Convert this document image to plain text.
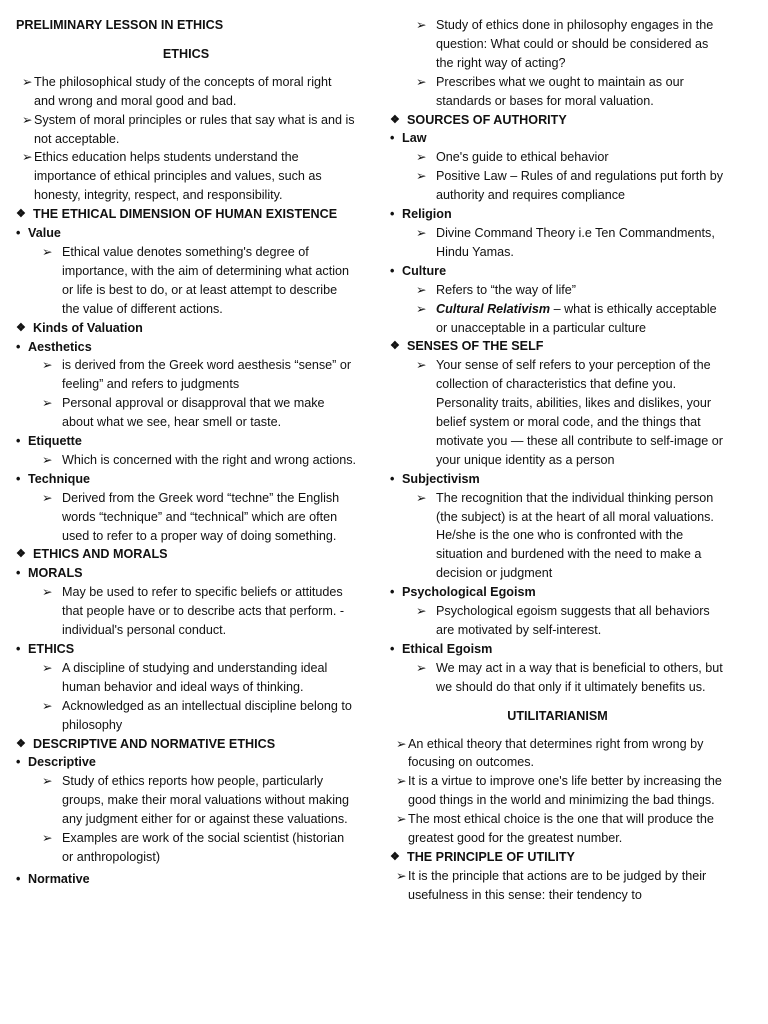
PRELIMINARY LESSON IN ETHICS
ETHICS
➢ The philosophical study of the concepts of moral right and wrong and moral good and bad.
➢ System of moral principles or rules that say what is and is not acceptable.
➢ Ethics education helps students understand the importance of ethical principles and values, such as honesty, integrity, respect, and responsibility.
❖ THE ETHICAL DIMENSION OF HUMAN EXISTENCE
• Value
➢ Ethical value denotes something's degree of importance, with the aim of determining what action or life is best to do, or at least attempt to describe the value of different actions.
❖ Kinds of Valuation
• Aesthetics
➢ is derived from the Greek word aesthesis “sense” or feeling” and refers to judgments
➢ Personal approval or disapproval that we make about what we see, hear smell or taste.
• Etiquette
➢ Which is concerned with the right and wrong actions.
• Technique
➢ Derived from the Greek word “techne” the English words “technique” and “technical” which are often used to refer to a proper way of doing something.
❖ ETHICS AND MORALS
• MORALS
➢ May be used to refer to specific beliefs or attitudes that people have or to describe acts that perform. - individual's personal conduct.
• ETHICS
➢ A discipline of studying and understanding ideal human behavior and ideal ways of thinking.
➢ Acknowledged as an intellectual discipline belong to philosophy
❖ DESCRIPTIVE AND NORMATIVE ETHICS
• Descriptive
➢ Study of ethics reports how people, particularly groups, make their moral valuations without making any judgment either for or against these valuations.
➢ Examples are work of the social scientist (historian or anthropologist)
• Normative
➢ Study of ethics done in philosophy engages in the question: What could or should be considered as the right way of acting?
➢ Prescribes what we ought to maintain as our standards or bases for moral valuation.
❖ SOURCES OF AUTHORITY
• Law
➢ One's guide to ethical behavior
➢ Positive Law – Rules of and regulations put forth by authority and requires compliance
• Religion
➢ Divine Command Theory i.e Ten Commandments, Hindu Yamas.
• Culture
➢ Refers to “the way of life”
➢ Cultural Relativism – what is ethically acceptable or unacceptable in a particular culture
❖ SENSES OF THE SELF
➢ Your sense of self refers to your perception of the collection of characteristics that define you. Personality traits, abilities, likes and dislikes, your belief system or moral code, and the things that motivate you — these all contribute to self-image or your unique identity as a person
• Subjectivism
➢ The recognition that the individual thinking person (the subject) is at the heart of all moral valuations. He/she is the one who is confronted with the situation and burdened with the need to make a decision or judgment
• Psychological Egoism
➢ Psychological egoism suggests that all behaviors are motivated by self-interest.
• Ethical Egoism
➢ We may act in a way that is beneficial to others, but we should do that only if it ultimately benefits us.
UTILITARIANISM
➢ An ethical theory that determines right from wrong by focusing on outcomes.
➢ It is a virtue to improve one's life better by increasing the good things in the world and minimizing the bad things.
➢ The most ethical choice is the one that will produce the greatest good for the greatest number.
❖ THE PRINCIPLE OF UTILITY
➢ It is the principle that actions are to be judged by their usefulness in this sense: their tendency to
